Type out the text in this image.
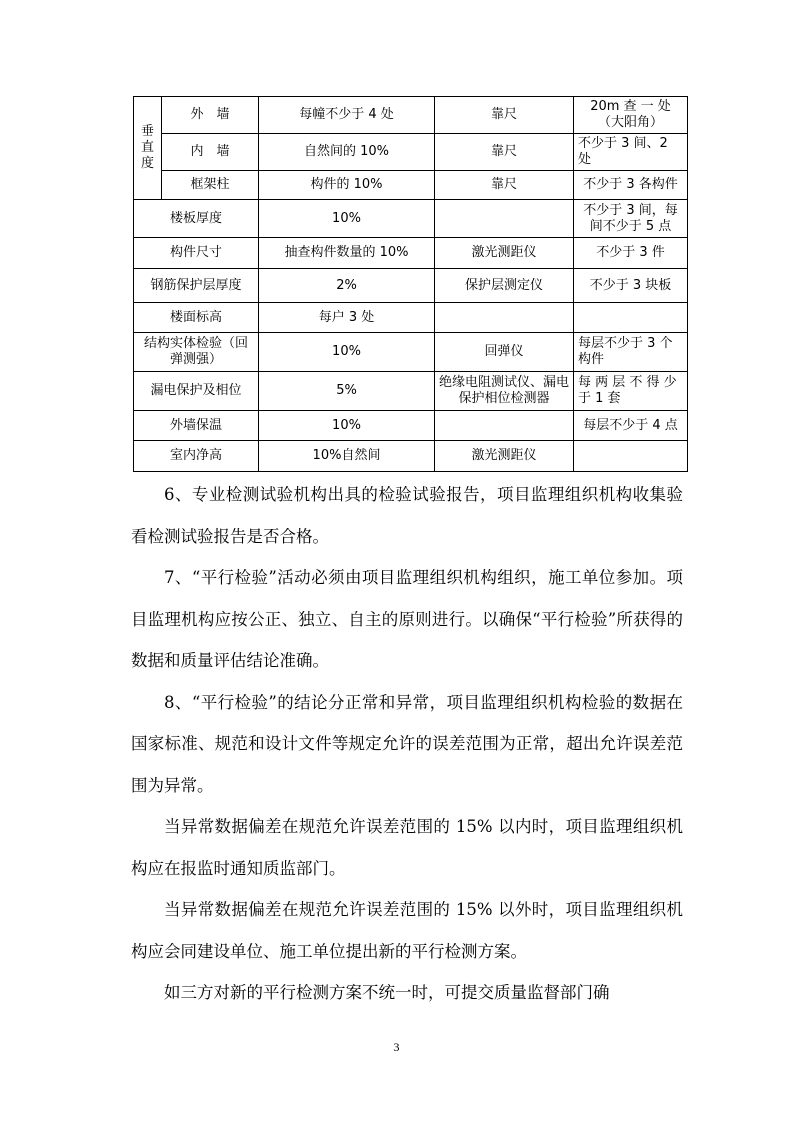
垂
直
度	外　墙	每幢不少于 4 处	靠尺	20m 查 一 处（大阳角）
	内　墙	自然间的 10%	靠尺	不少于 3 间、2 处
	框架柱	构件的 10%	靠尺	不少于 3 各构件
楼板厚度		10%		不少于 3 间，每间不少于 5 点
构件尺寸		抽查构件数量的 10%	激光测距仪	不少于 3 件
钢筋保护层厚度		2%	保护层测定仪	不少于 3 块板
楼面标高		每户 3 处		
结构实体检验（回弹测强）		10%	回弹仪	每层不少于 3 个构件
漏电保护及相位		5%	绝缘电阻测试仪、漏电保护相位检测器	每 两 层 不 得 少于 1 套
外墙保温		10%		每层不少于 4 点
室内净高		10%自然间	激光测距仪	

6、专业检测试验机构出具的检验试验报告，项目监理组织机构收集验看检测试验报告是否合格。

7、“平行检验”活动必须由项目监理组织机构组织，施工单位参加。项目监理机构应按公正、独立、自主的原则进行。以确保“平行检验”所获得的数据和质量评估结论准确。

8、“平行检验”的结论分正常和异常，项目监理组织机构检验的数据在国家标准、规范和设计文件等规定允许的误差范围为正常，超出允许误差范围为异常。

当异常数据偏差在规范允许误差范围的 15% 以内时，项目监理组织机构应在报监时通知质监部门。

当异常数据偏差在规范允许误差范围的 15% 以外时，项目监理组织机构应会同建设单位、施工单位提出新的平行检测方案。

如三方对新的平行检测方案不统一时，可提交质量监督部门确

3
